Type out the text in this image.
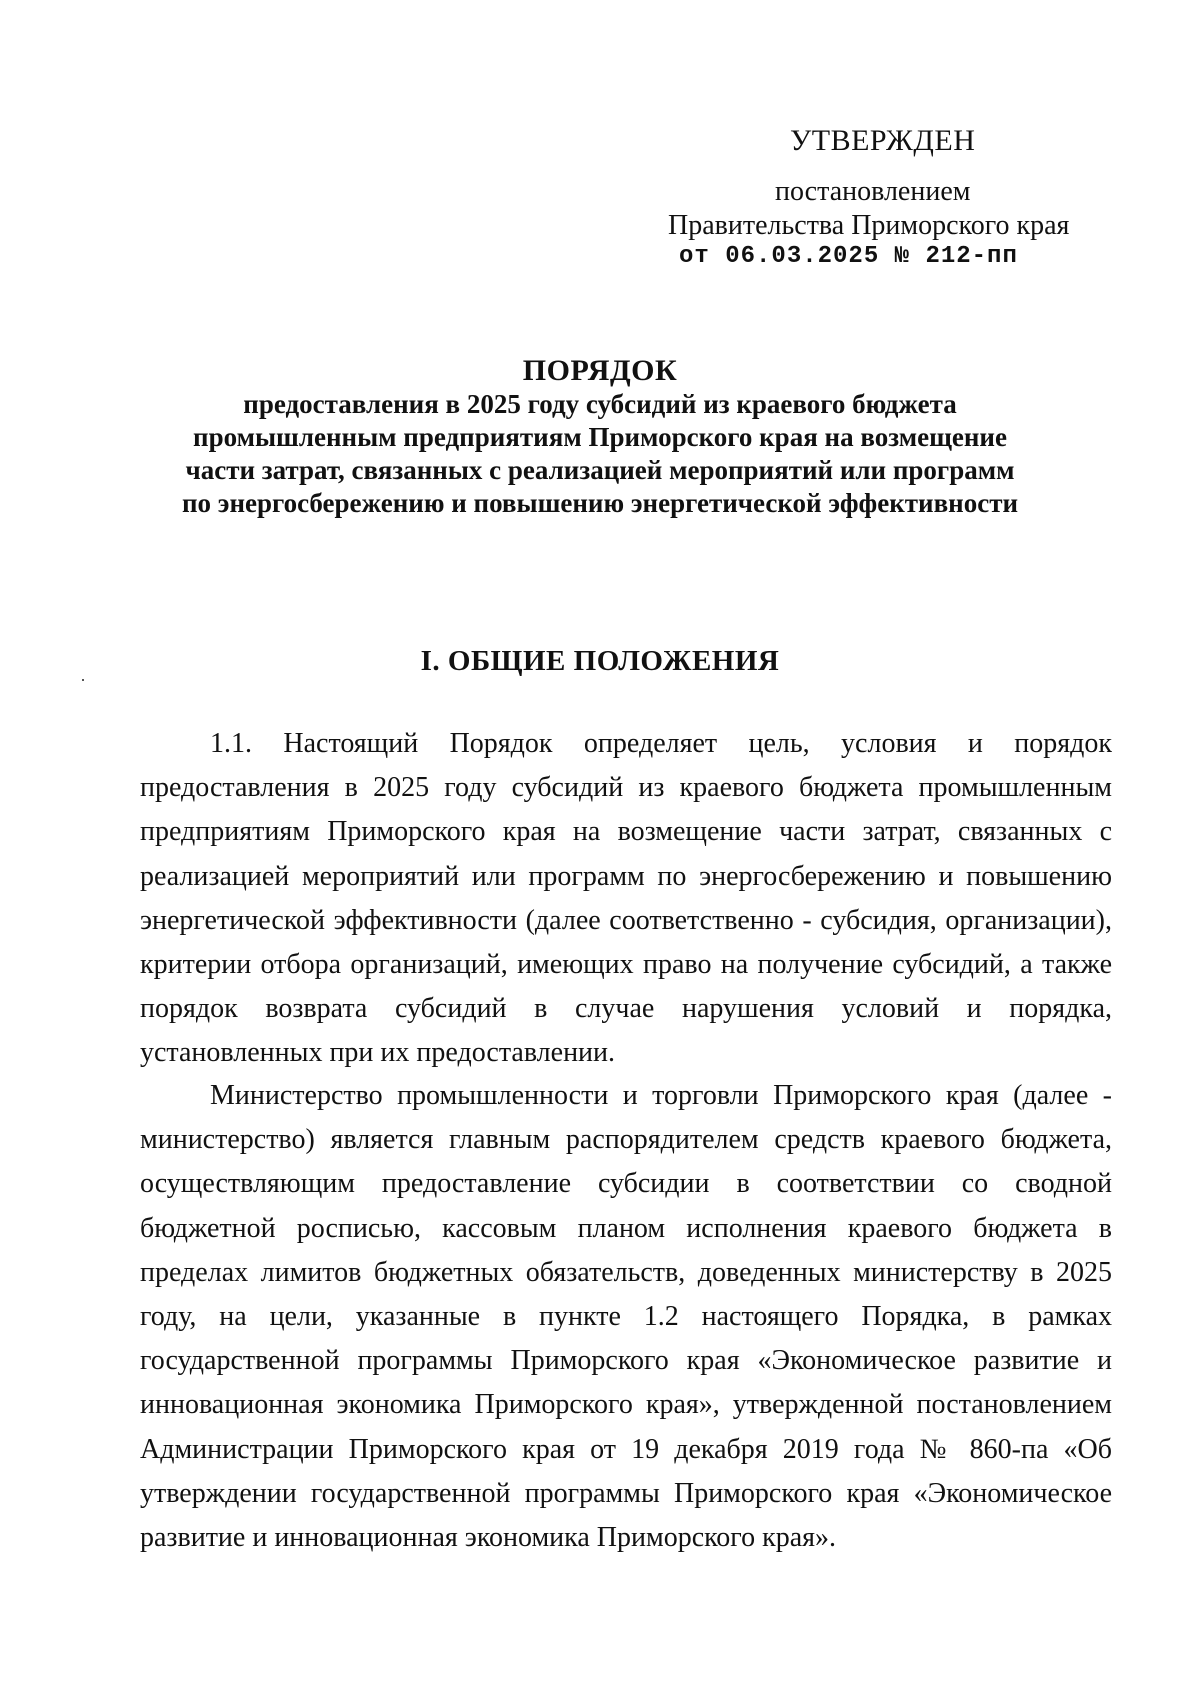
УТВЕРЖДЕН
постановлением
Правительства Приморского края
от 06.03.2025 № 212-пп
ПОРЯДОК
предоставления в 2025 году субсидий из краевого бюджета промышленным предприятиям Приморского края на возмещение части затрат, связанных с реализацией мероприятий или программ по энергосбережению и повышению энергетической эффективности
I. ОБЩИЕ ПОЛОЖЕНИЯ
1.1. Настоящий Порядок определяет цель, условия и порядок предоставления в 2025 году субсидий из краевого бюджета промышленным предприятиям Приморского края на возмещение части затрат, связанных с реализацией мероприятий или программ по энергосбережению и повышению энергетической эффективности (далее соответственно - субсидия, организации), критерии отбора организаций, имеющих право на получение субсидий, а также порядок возврата субсидий в случае нарушения условий и порядка, установленных при их предоставлении.
Министерство промышленности и торговли Приморского края (далее - министерство) является главным распорядителем средств краевого бюджета, осуществляющим предоставление субсидии в соответствии со сводной бюджетной росписью, кассовым планом исполнения краевого бюджета в пределах лимитов бюджетных обязательств, доведенных министерству в 2025 году, на цели, указанные в пункте 1.2 настоящего Порядка, в рамках государственной программы Приморского края «Экономическое развитие и инновационная экономика Приморского края», утвержденной постановлением Администрации Приморского края от 19 декабря 2019 года № 860-па «Об утверждении государственной программы Приморского края «Экономическое развитие и инновационная экономика Приморского края».
